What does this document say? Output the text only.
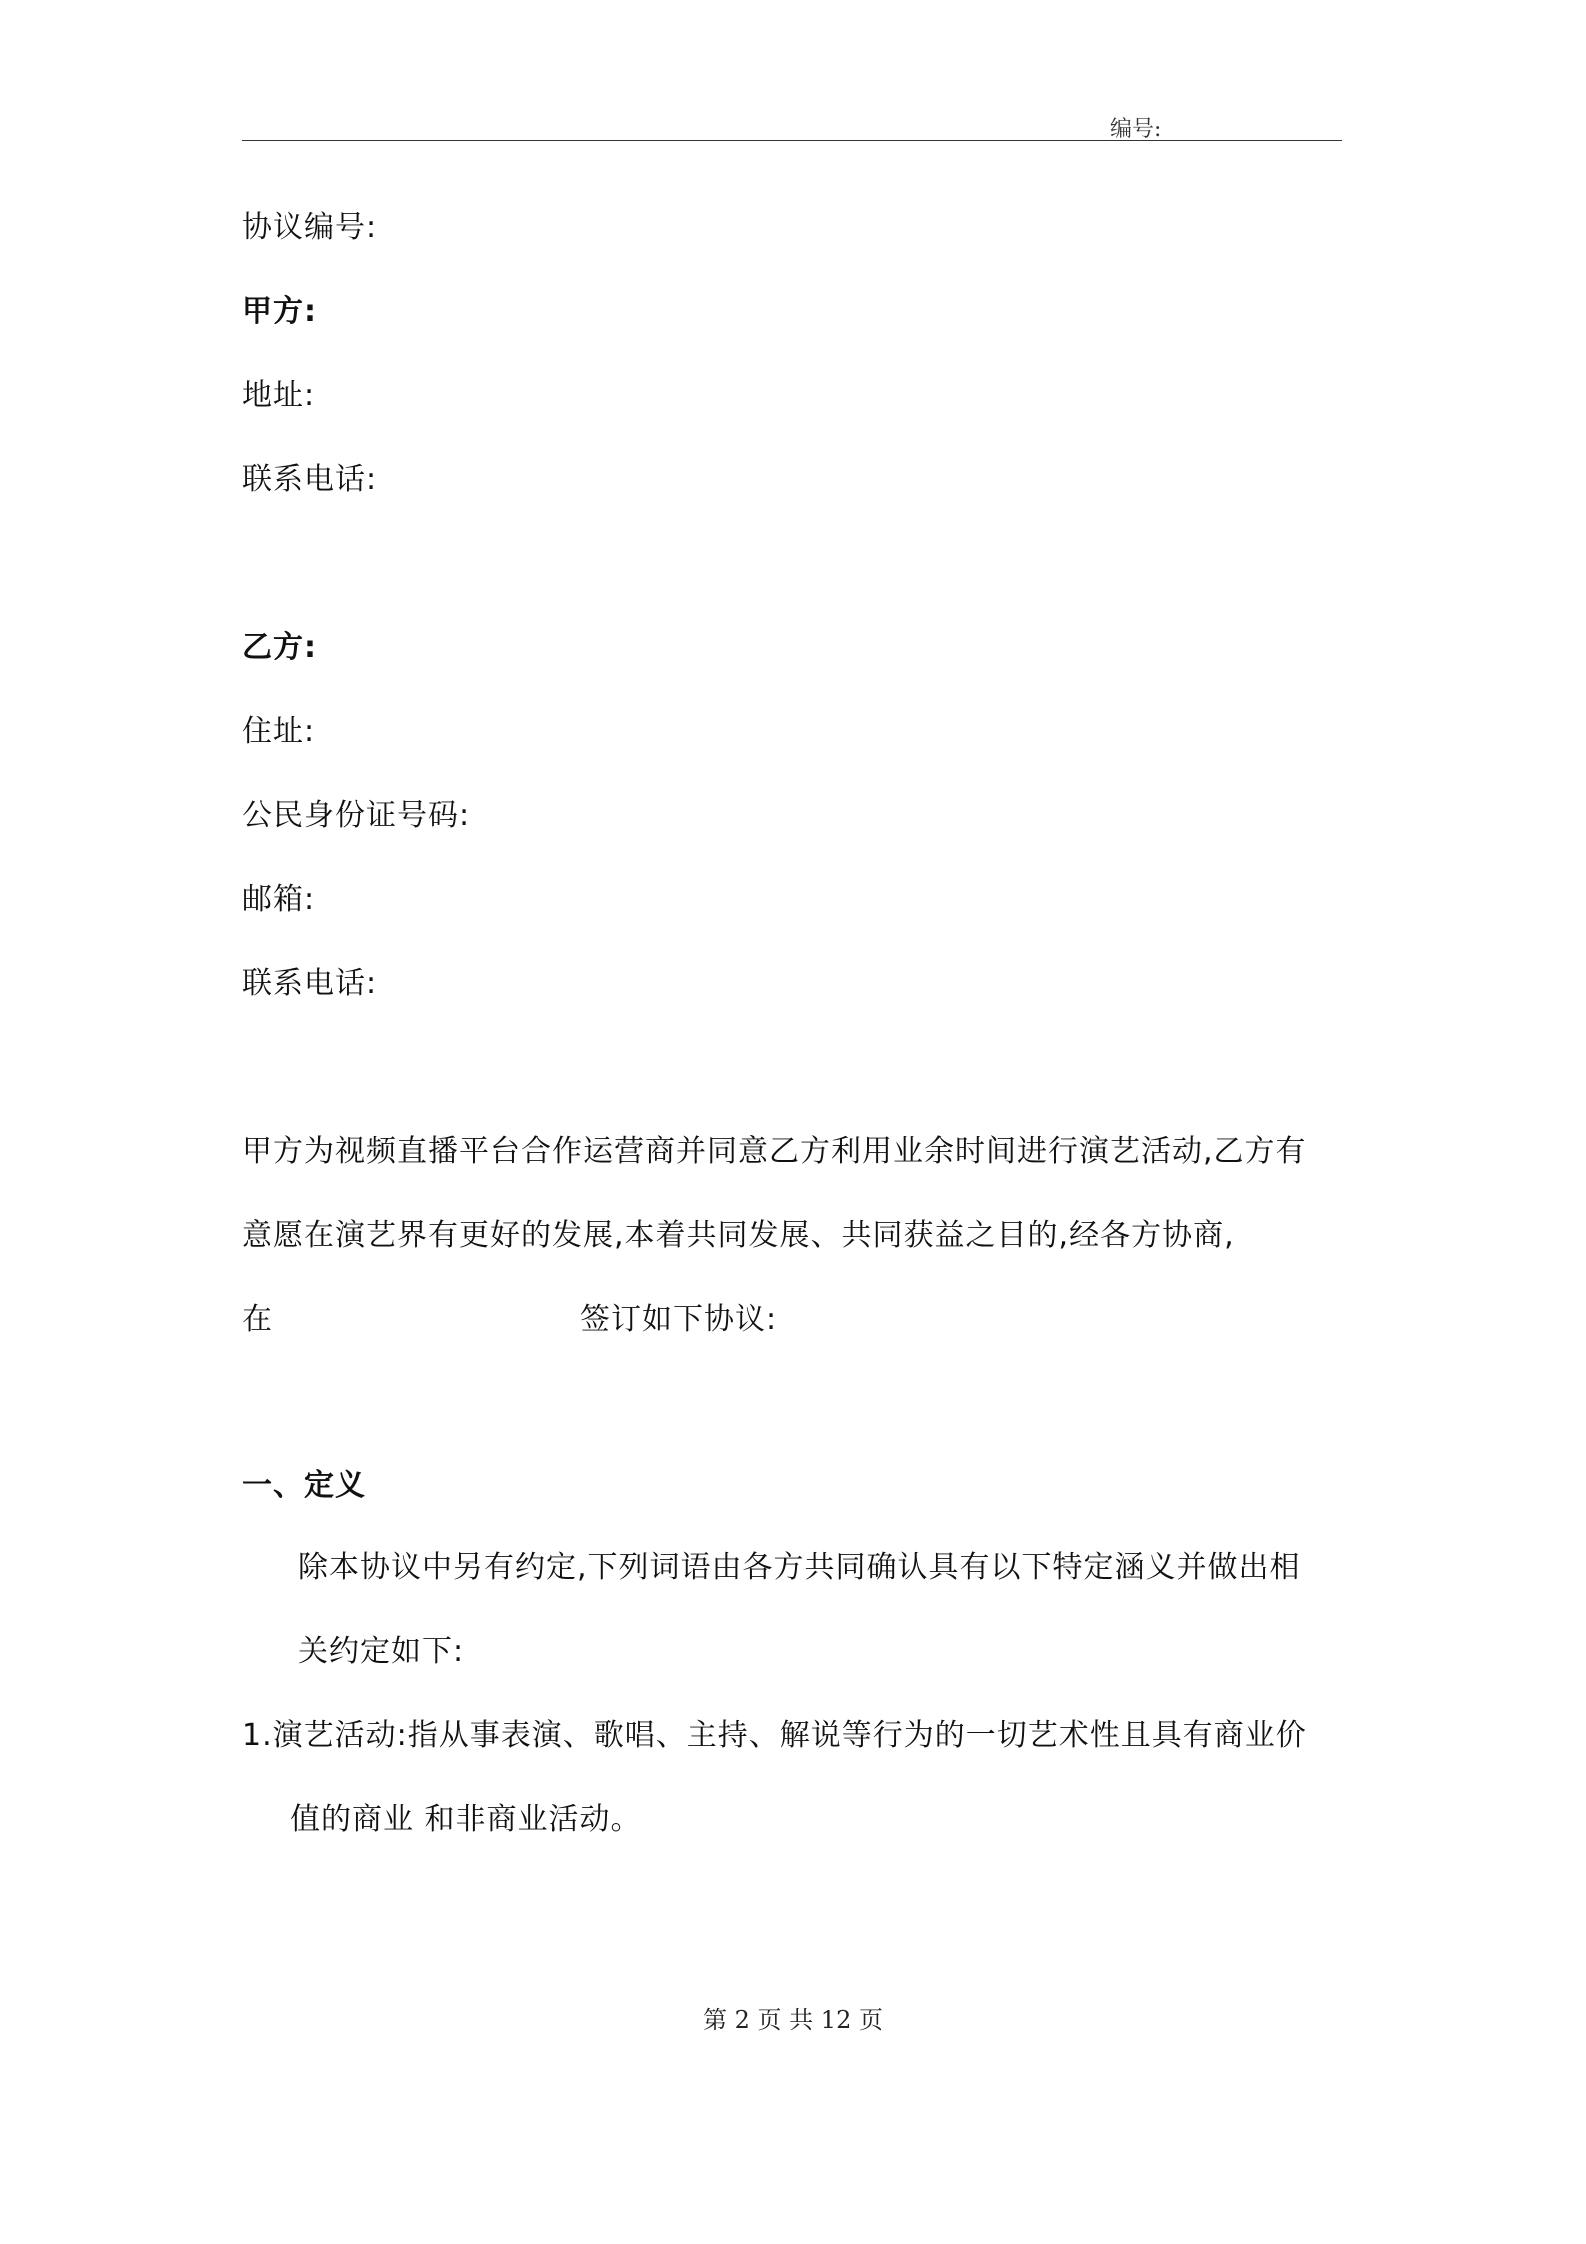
编号:
协议编号:
甲方:
地址:
联系电话:
乙方:
住址:
公民身份证号码:
邮箱:
联系电话:
甲方为视频直播平台合作运营商并同意乙方利用业余时间进行演艺活动,乙方有
意愿在演艺界有更好的发展,本着共同发展、共同获益之目的,经各方协商,
在	签订如下协议:
一、定义
除本协议中另有约定,下列词语由各方共同确认具有以下特定涵义并做出相
关约定如下:
1.演艺活动:指从事表演、歌唱、主持、解说等行为的一切艺术性且具有商业价
值的商业 和非商业活动。
第 2 页 共 12 页
